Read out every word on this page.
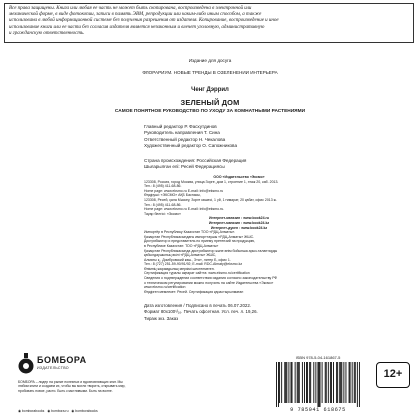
Все права защищены. Книга или любая ее часть не может быть скопирована, воспроизведена в электронной или
механической форме, в виде фотокопии, записи в память ЭВМ, репродукции или каким-либо иным способом, а также
использована в любой информационной системе без получения разрешения от издателя. Копирование, воспроизведение и иное
использование книги или ее части без согласия издателя является незаконным и влечет уголовную, административную
и гражданскую ответственность.
Издание для досуга
ФЛОРАРИУМ. НОВЫЕ ТРЕНДЫ В ОЗЕЛЕНЕНИИ ИНТЕРЬЕРА
Ченг Дэррил
ЗЕЛЕНЫЙ ДОМ
САМОЕ ПОНЯТНОЕ РУКОВОДСТВО ПО УХОДУ ЗА КОМНАТНЫМИ РАСТЕНИЯМИ
Главный редактор Р. Фасхутдинов
Руководитель направления Т. Сина
Ответственный редактор Н. Чекалова
Художественный редактор О. Сапожникова
Страна происхождения: Российская Федерация
Шығарылған елі: Ресей Федерациясы
ООО «Издательство «Эксмо»
123308, Россия, город Москва, улица Зорге, дом 1, строение 1, этаж 20, каб. 2013.
Тел.: 8 (495) 411-68-86.
Home page: www.eksmo.ru E-mail: info@eksmo.ru
Өндіруші: «ЭКСМО» АҚБ Баспасы,
123308, Ресей, қала Мәскеу, Зорге көшесі, 1 үй, 1 ғимарат, 20 қабат, офис 2013 ж.
Тел.: 8 (495) 411-68-86.
Home page: www.eksmo.ru E-mail: info@eksmo.ru.
Тауар белгісі: «Эксмо»
Интернет-магазин : www.book24.ru
Интернет-магазин : www.book24.kz
Интернет-дүкен : www.book24.kz
Импортёр в Республику Казахстан ТОО «РДЦ-Алматы».
Қазақстан Республикасындағы импорттаушы «РДЦ-Алматы» ЖШС.
Дистрибьютор и представитель по приему претензий на продукцию,
в Республике Казахстан: ТОО «РДЦ-Алматы»
Қазақстан Республикасында дистрибьютор және өнім бойынша арыз-талаптарды
қабылдаушының өкілі «РДЦ-Алматы» ЖШС,
Алматы қ., Домбровский көш., 3«а», литер Б, офис 1.
Тел.: 8 (727) 251-59-90/91/92; E-mail: RDC-Almaty@eksmo.kz
Өнімнің жарамдылық мерзімі шектелмеген.
Сертификация туралы ақпарат сайтта: www.eksmo.ru/certification
Сведения о подтверждении соответствия издания согласно законодательству РФ
о техническом регулировании можно получить на сайте Издательства «Эксмо»
www.eksmo.ru/certification
Өндірген мемлекет: Ресей. Сертификация қарастырылмаған
Дата изготовления / Подписано в печать 06.07.2022.
Формат 80x100¹/₁₆. Печать офсетная. Усл. печ. л. 19,26.
Тираж экз. Заказ
БОМБОРА
ИЗДАТЕЛЬСТВО
БОМБОРА – лидер на рынке полезных и вдохновляющих книг. Мы любим книги и создаем их, чтобы вы могли творить, открывать мир, пробовать новое, расти. Быть счастливыми. Быть на волне.
◉ bomborabooks ◉ bombora.ru ◉ bomborabooks
ISBN 978-5-04-161867-5
9 785041 618675
12+
